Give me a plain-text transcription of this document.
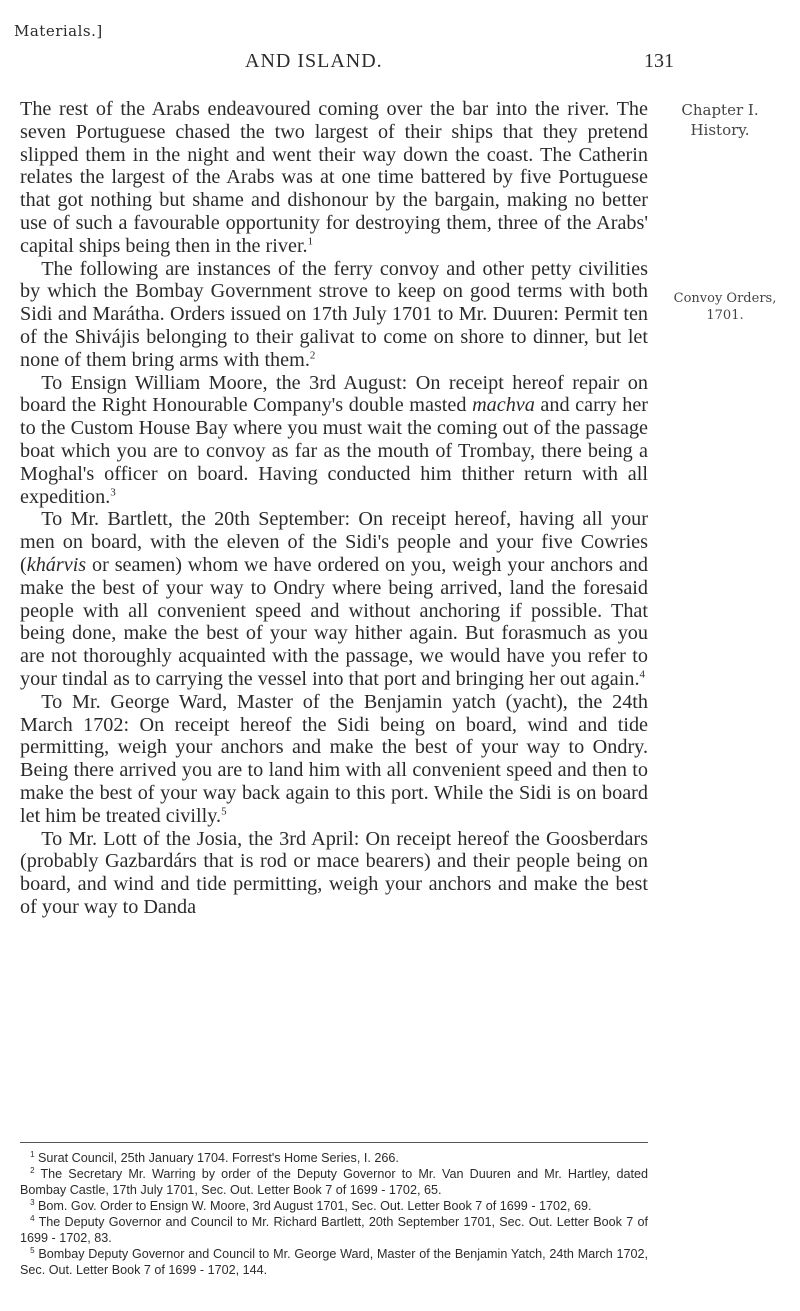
Materials.]
AND ISLAND.	131
Chapter I.
History.
Convoy Orders,
1701.

The rest of the Arabs endeavoured coming over the bar into the river. The seven Portuguese chased the two largest of their ships that they pretend slipped them in the night and went their way down the coast. The Catherin relates the largest of the Arabs was at one time battered by five Portuguese that got nothing but shame and dishonour by the bargain, making no better use of such a favourable opportunity for destroying them, three of the Arabs' capital ships being then in the river.$^1$

The following are instances of the ferry convoy and other petty civilities by which the Bombay Government strove to keep on good terms with both Sidi and Marátha. Orders issued on 17th July 1701 to Mr. Duuren: Permit ten of the Shivájis belonging to their galivat to come on shore to dinner, but let none of them bring arms with them.$^2$

To Ensign William Moore, the 3rd August: On receipt hereof repair on board the Right Honourable Company's double masted machva and carry her to the Custom House Bay where you must wait the coming out of the passage boat which you are to convoy as far as the mouth of Trombay, there being a Moghal's officer on board. Having conducted him thither return with all expedition.$^3$

To Mr. Bartlett, the 20th September: On receipt hereof, having all your men on board, with the eleven of the Sidi's people and your five Cowries (khárvis or seamen) whom we have ordered on you, weigh your anchors and make the best of your way to Ondry where being arrived, land the foresaid people with all convenient speed and without anchoring if possible. That being done, make the best of your way hither again. But forasmuch as you are not thoroughly acquainted with the passage, we would have you refer to your tindal as to carrying the vessel into that port and bringing her out again.$^4$

To Mr. George Ward, Master of the Benjamin yatch (yacht), the 24th March 1702: On receipt hereof the Sidi being on board, wind and tide permitting, weigh your anchors and make the best of your way to Ondry. Being there arrived you are to land him with all convenient speed and then to make the best of your way back again to this port. While the Sidi is on board let him be treated civilly.$^5$

To Mr. Lott of the Josia, the 3rd April: On receipt hereof the Goosberdars (probably Gazbardárs that is rod or mace bearers) and their people being on board, and wind and tide permitting, weigh your anchors and make the best of your way to Danda

$^1$ Surat Council, 25th January 1704. Forrest's Home Series, I. 266.

$^2$ The Secretary Mr. Warring by order of the Deputy Governor to Mr. Van Duuren and Mr. Hartley, dated Bombay Castle, 17th July 1701, Sec. Out. Letter Book 7 of 1699 - 1702, 65.

$^3$ Bom. Gov. Order to Ensign W. Moore, 3rd August 1701, Sec. Out. Letter Book 7 of 1699 - 1702, 69.

$^4$ The Deputy Governor and Council to Mr. Richard Bartlett, 20th September 1701, Sec. Out. Letter Book 7 of 1699 - 1702, 83.

$^5$ Bombay Deputy Governor and Council to Mr. George Ward, Master of the Benjamin Yatch, 24th March 1702, Sec. Out. Letter Book 7 of 1699 - 1702, 144.
